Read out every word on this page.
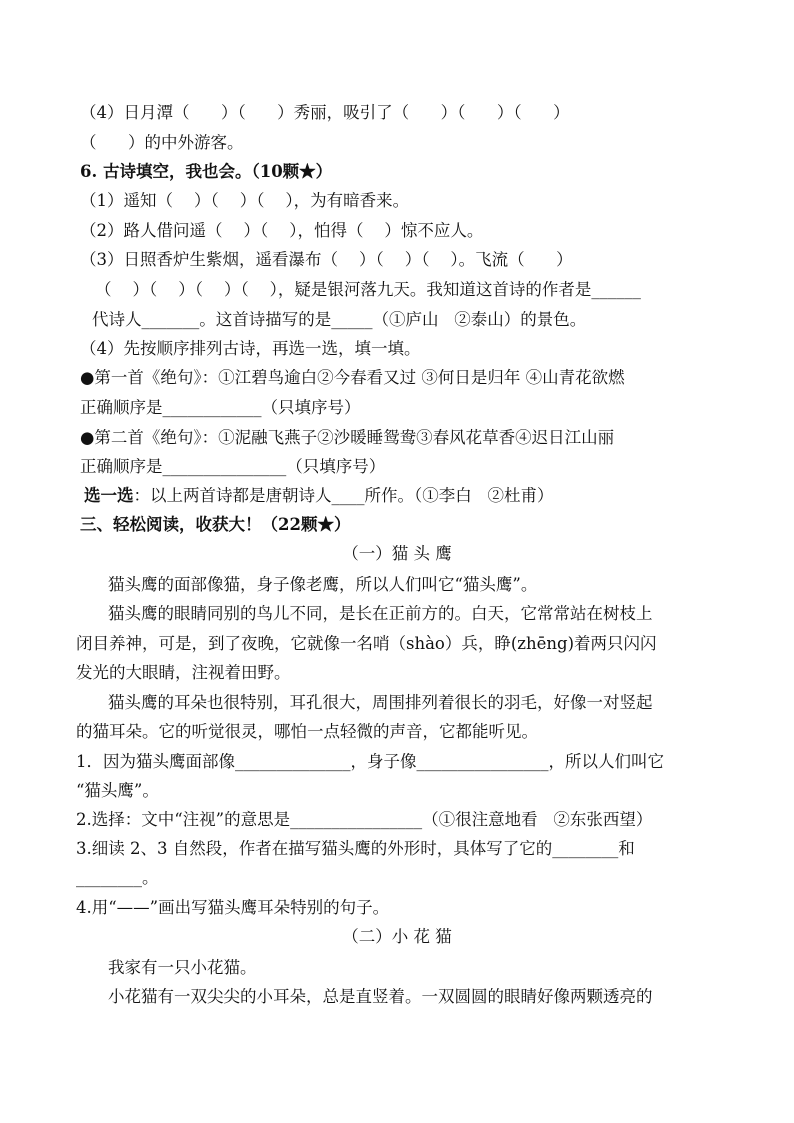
（4）日月潭（      ）（      ）秀丽，吸引了（      ）（      ）（      ）
（      ）的中外游客。
6. 古诗填空，我也会。（10颗★）
（1）遥知（    ）（    ）（    ），为有暗香来。
（2）路人借问遥（    ）（    ），怕得（    ）惊不应人。
（3）日照香炉生紫烟，遥看瀑布（    ）（    ）（    ）。飞流（      ）
（    ）（    ）（    ）（    ），疑是银河落九天。我知道这首诗的作者是______
代诗人_______。这首诗描写的是_____（①庐山   ②泰山）的景色。
（4）先按顺序排列古诗，再选一选，填一填。
●第一首《绝句》：①江碧鸟逾白②今春看又过 ③何日是归年 ④山青花欲燃
正确顺序是____________（只填序号）
●第二首《绝句》：①泥融飞燕子②沙暖睡鸳鸯③春风花草香④迟日江山丽
正确顺序是_______________（只填序号）
选一选：以上两首诗都是唐朝诗人____所作。（①李白   ②杜甫）
三、轻松阅读，收获大！（22颗★）
（一）猫 头 鹰
猫头鹰的面部像猫，身子像老鹰，所以人们叫它“猫头鹰”。
猫头鹰的眼睛同别的鸟儿不同，是长在正前方的。白天，它常常站在树枝上
闭目养神，可是，到了夜晚，它就像一名哨（shào）兵，睁(zhēng)着两只闪闪
发光的大眼睛，注视着田野。
猫头鹰的耳朵也很特别，耳孔很大，周围排列着很长的羽毛，好像一对竖起
的猫耳朵。它的听觉很灵，哪怕一点轻微的声音，它都能听见。
1．因为猫头鹰面部像______________，身子像________________，所以人们叫它
“猫头鹰”。
2.选择：文中“注视”的意思是________________（①很注意地看   ②东张西望）
3.细读 2、3 自然段，作者在描写猫头鹰的外形时，具体写了它的________和
________。
4.用“——”画出写猫头鹰耳朵特别的句子。
（二）小 花 猫
我家有一只小花猫。
小花猫有一双尖尖的小耳朵，总是直竖着。一双圆圆的眼睛好像两颗透亮的
